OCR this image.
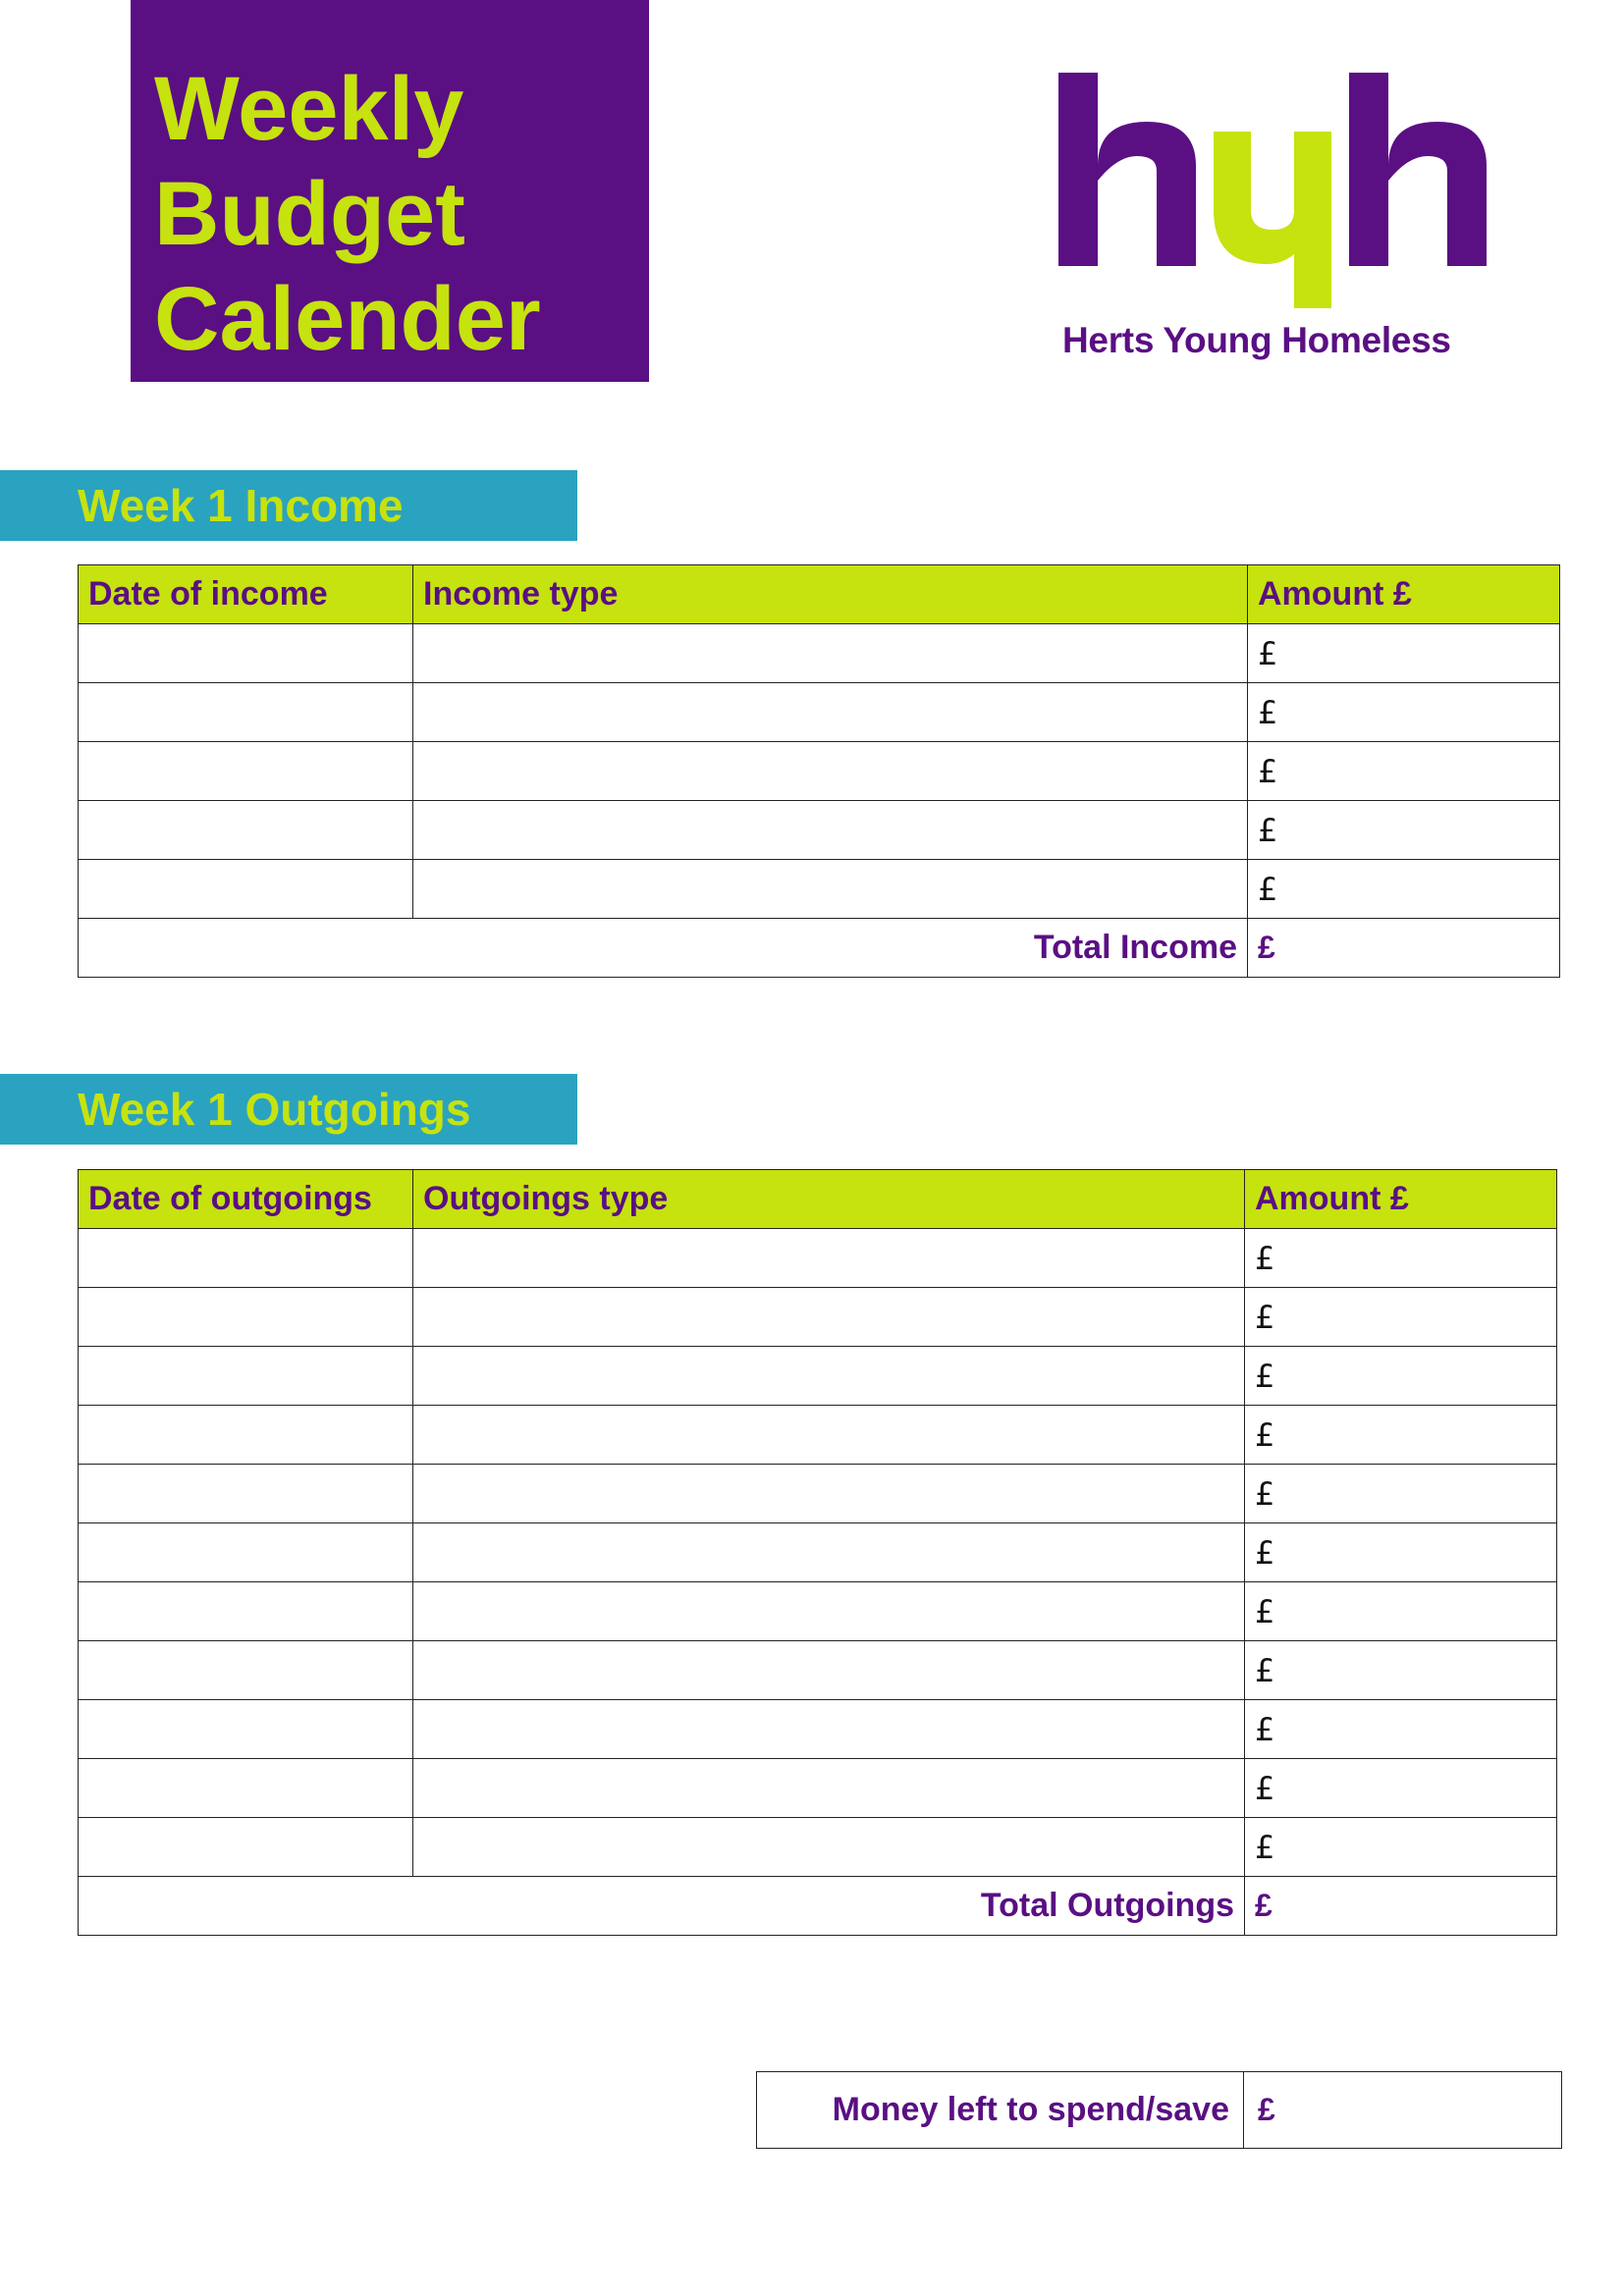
Weekly
Budget
Calender	Herts Young Homeless
Week 1 Income
Date of income	Income type	Amount £
		£
		£
		£
		£
		£
Total Income		£
Week 1 Outgoings
Date of outgoings	Outgoings type	Amount £
		£
		£
		£
		£
		£
		£
		£
		£
		£
		£
		£
Total Outgoings		£
Money left to spend/save	£
